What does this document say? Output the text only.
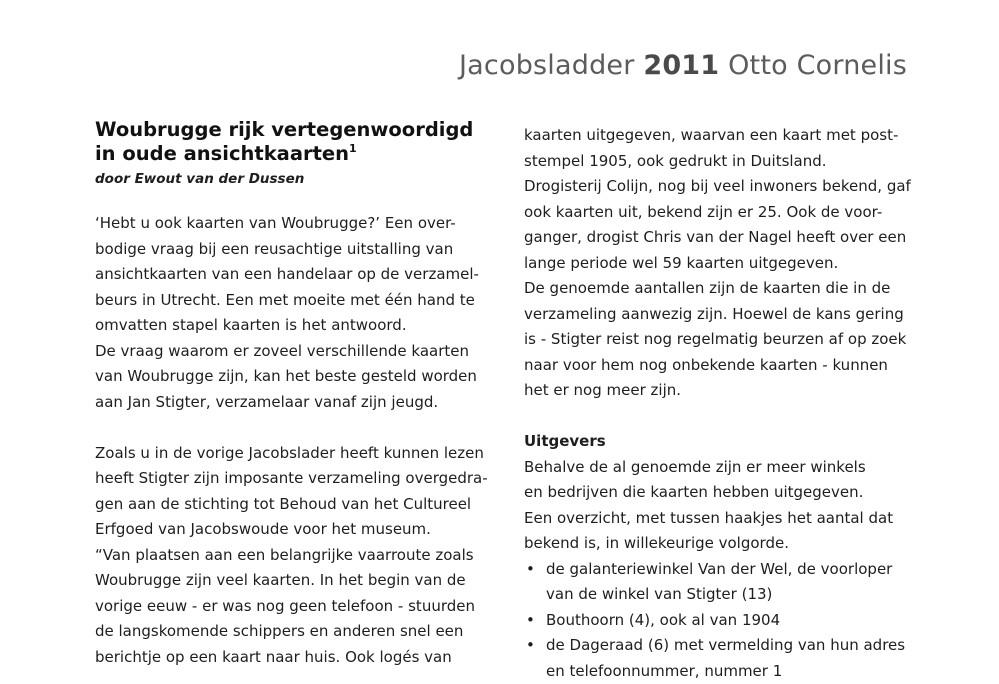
Jacobsladder 2011 Otto Cornelis
Woubrugge rijk vertegenwoordigd
in oude ansichtkaarten$^1$
door Ewout van der Dussen
‘Hebt u ook kaarten van Woubrugge?’ Een over-
bodige vraag bij een reusachtige uitstalling van
ansichtkaarten van een handelaar op de verzamel-
beurs in Utrecht. Een met moeite met één hand te
omvatten stapel kaarten is het antwoord.
De vraag waarom er zoveel verschillende kaarten
van Woubrugge zijn, kan het beste gesteld worden
aan Jan Stigter, verzamelaar vanaf zijn jeugd.
Zoals u in de vorige Jacobslader heeft kunnen lezen
heeft Stigter zijn imposante verzameling overgedra-
gen aan de stichting tot Behoud van het Cultureel
Erfgoed van Jacobswoude voor het museum.
“Van plaatsen aan een belangrijke vaarroute zoals
Woubrugge zijn veel kaarten. In het begin van de
vorige eeuw - er was nog geen telefoon - stuurden
de langskomende schippers en anderen snel een
berichtje op een kaart naar huis. Ook logés van
kaarten uitgegeven, waarvan een kaart met post-
stempel 1905, ook gedrukt in Duitsland.
Drogisterij Colijn, nog bij veel inwoners bekend, gaf
ook kaarten uit, bekend zijn er 25. Ook de voor-
ganger, drogist Chris van der Nagel heeft over een
lange periode wel 59 kaarten uitgegeven.
De genoemde aantallen zijn de kaarten die in de
verzameling aanwezig zijn. Hoewel de kans gering
is - Stigter reist nog regelmatig beurzen af op zoek
naar voor hem nog onbekende kaarten - kunnen
het er nog meer zijn.
Uitgevers
Behalve de al genoemde zijn er meer winkels
en bedrijven die kaarten hebben uitgegeven.
Een overzicht, met tussen haakjes het aantal dat
bekend is, in willekeurige volgorde.
• de galanteriewinkel Van der Wel, de voorloper
van de winkel van Stigter (13)
• Bouthoorn (4), ook al van 1904
• de Dageraad (6) met vermelding van hun adres
en telefoonnummer, nummer 1
